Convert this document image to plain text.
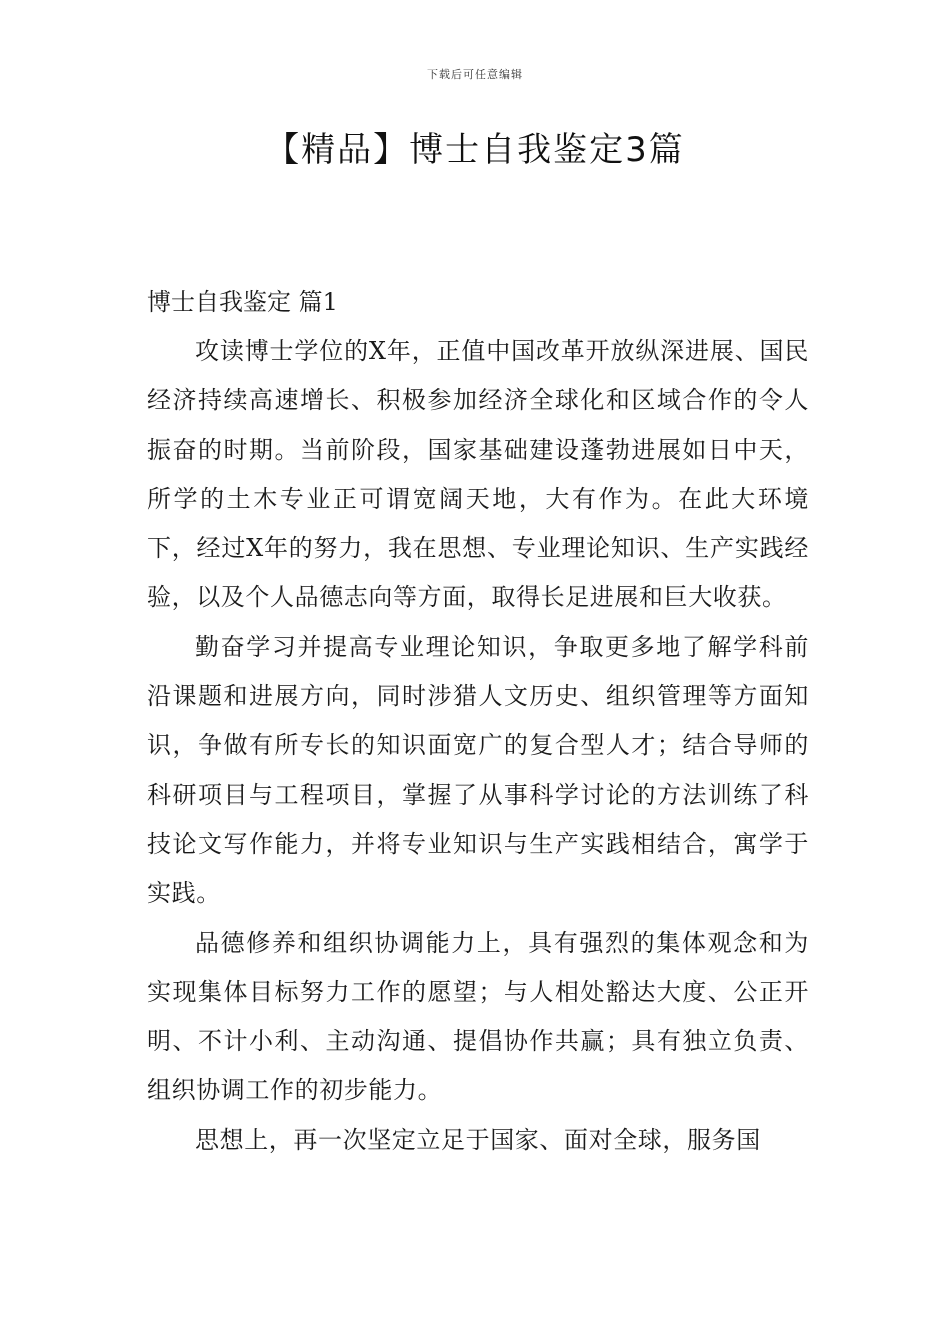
下载后可任意编辑
【精品】博士自我鉴定3篇

博士自我鉴定 篇1

攻读博士学位的X年，正值中国改革开放纵深进展、国民经济持续高速增长、积极参加经济全球化和区域合作的令人振奋的时期。当前阶段，国家基础建设蓬勃进展如日中天，所学的土木专业正可谓宽阔天地，大有作为。在此大环境下，经过X年的努力，我在思想、专业理论知识、生产实践经验，以及个人品德志向等方面，取得长足进展和巨大收获。

勤奋学习并提高专业理论知识，争取更多地了解学科前沿课题和进展方向，同时涉猎人文历史、组织管理等方面知识，争做有所专长的知识面宽广的复合型人才；结合导师的科研项目与工程项目，掌握了从事科学讨论的方法训练了科技论文写作能力，并将专业知识与生产实践相结合，寓学于实践。

品德修养和组织协调能力上，具有强烈的集体观念和为实现集体目标努力工作的愿望；与人相处豁达大度、公正开明、不计小利、主动沟通、提倡协作共赢；具有独立负责、组织协调工作的初步能力。

思想上，再一次坚定立足于国家、面对全球，服务国
